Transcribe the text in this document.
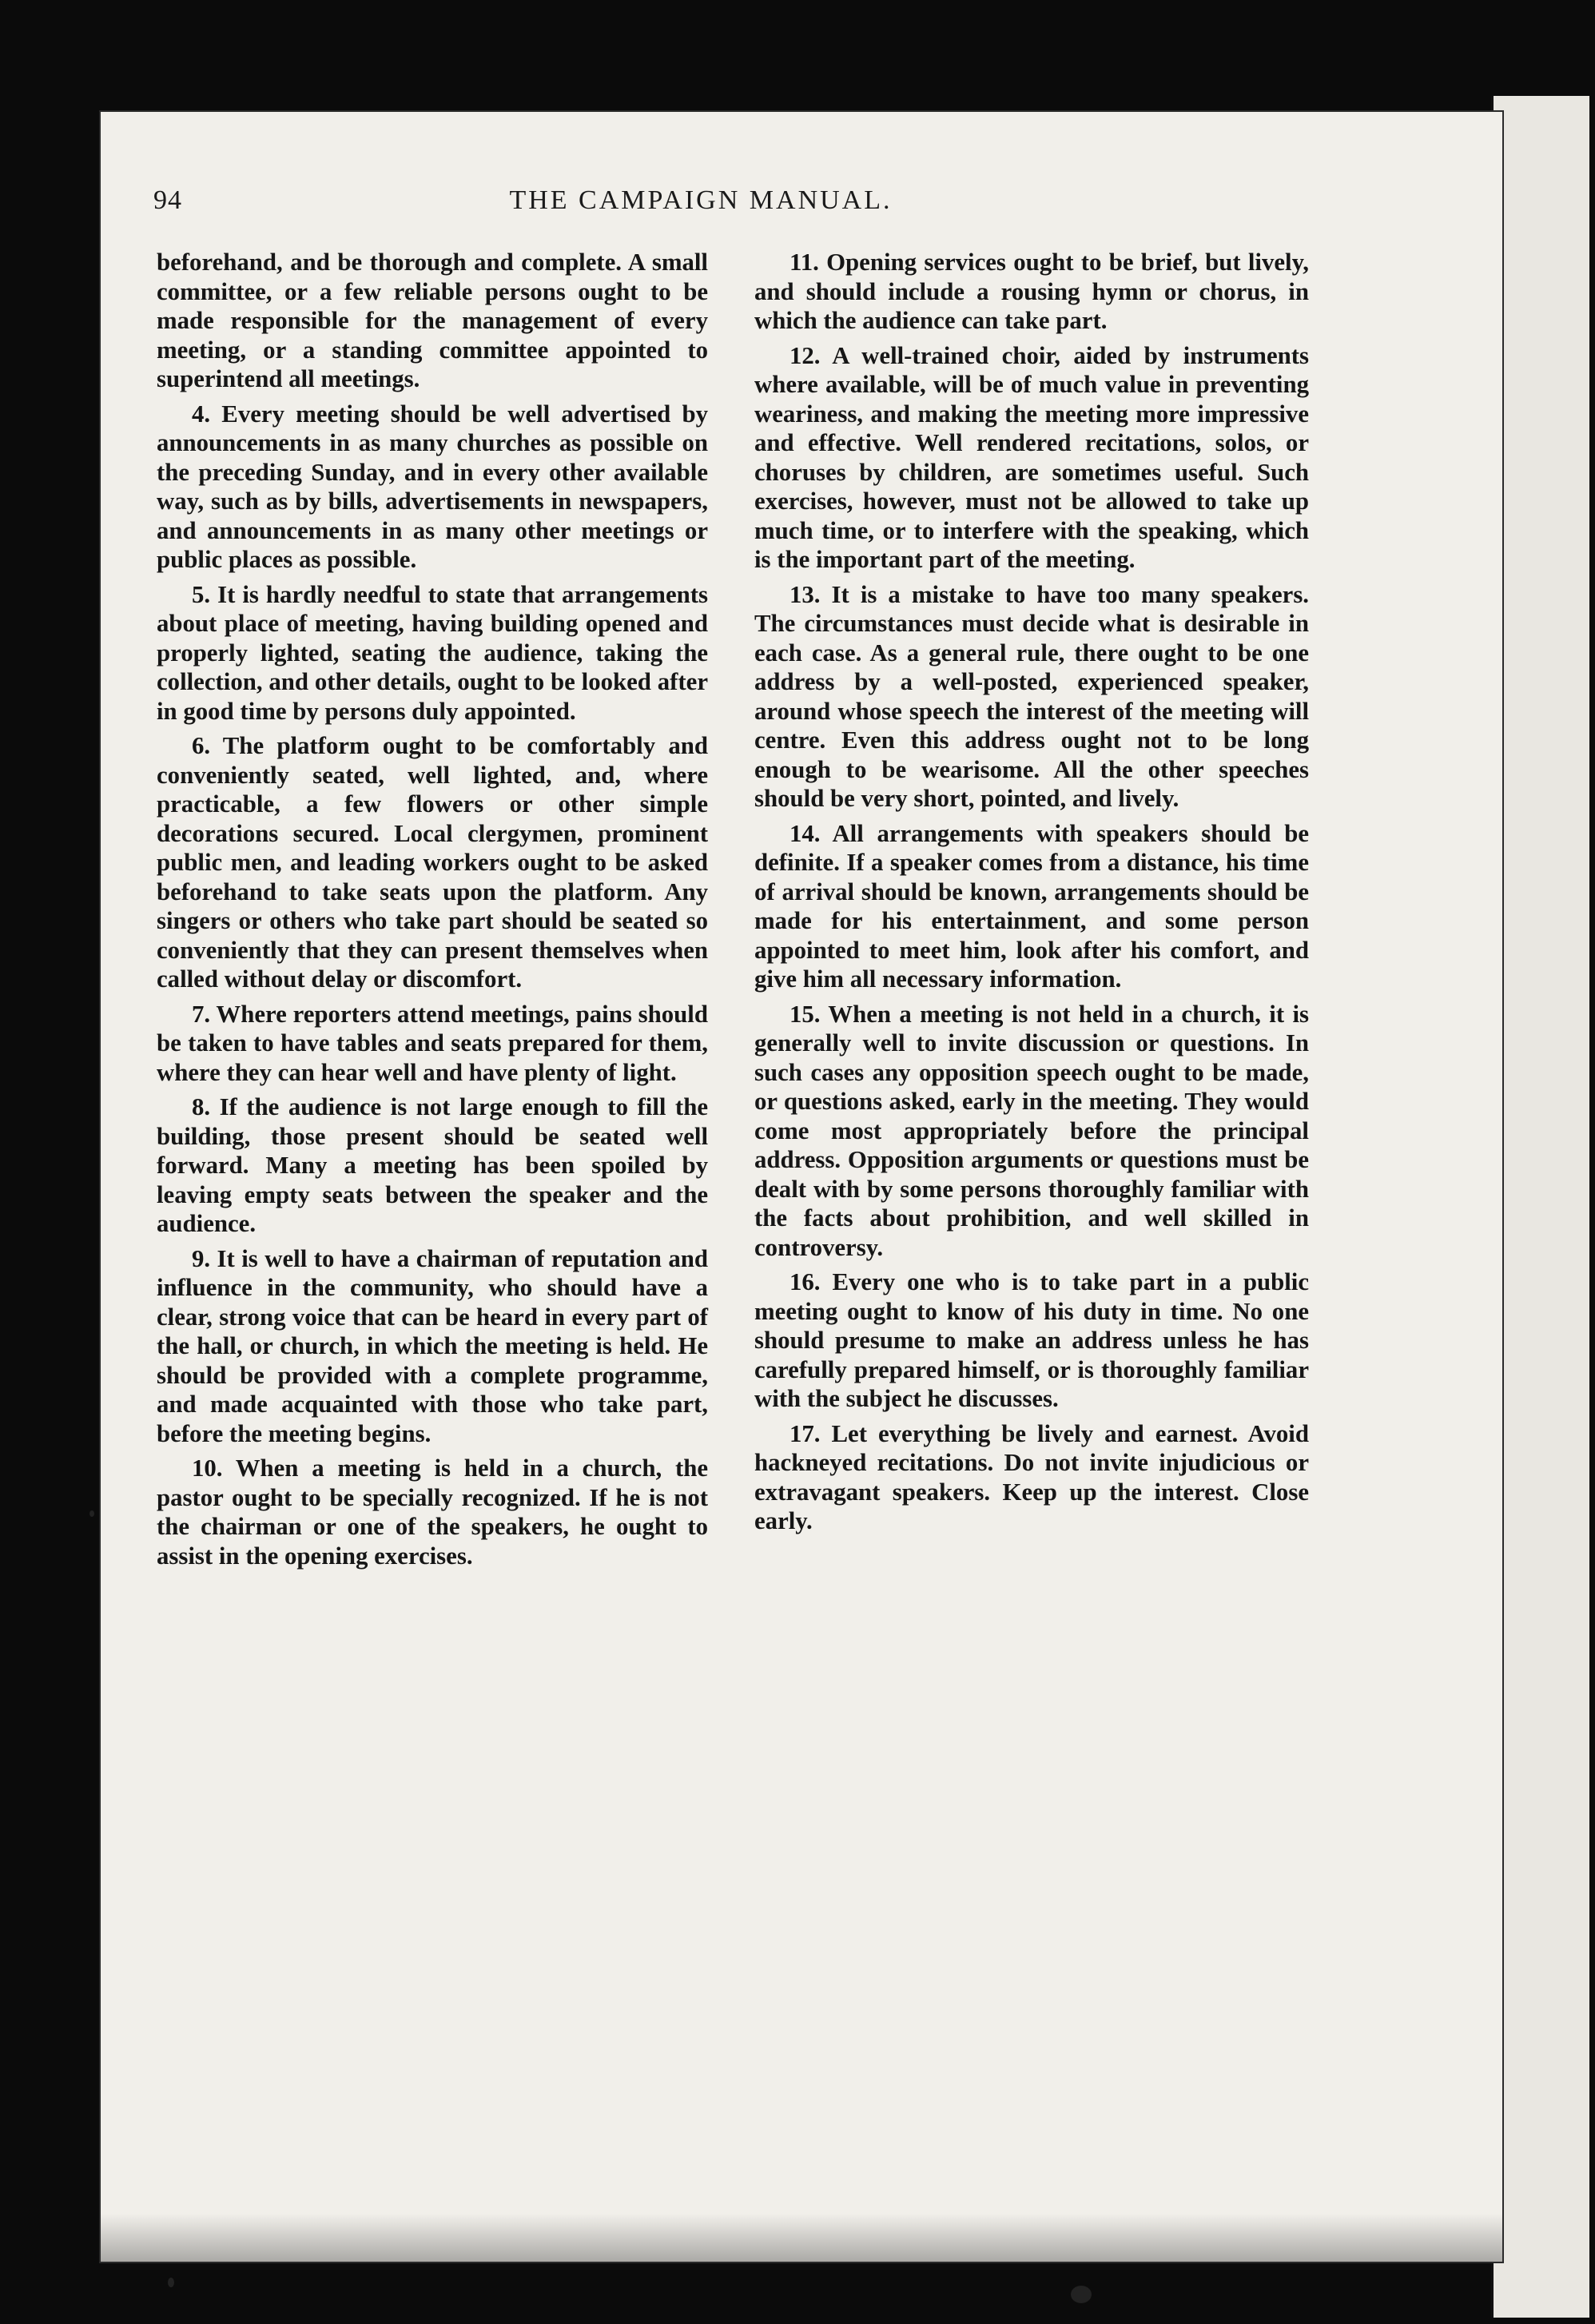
94	THE CAMPAIGN MANUAL.

beforehand, and be thorough and complete. A small committee, or a few reliable persons ought to be made responsible for the management of every meeting, or a standing committee appointed to superintend all meetings.

4. Every meeting should be well advertised by announcements in as many churches as possible on the preceding Sunday, and in every other available way, such as by bills, advertisements in newspapers, and announcements in as many other meetings or public places as possible.

5. It is hardly needful to state that arrangements about place of meeting, having building opened and properly lighted, seating the audience, taking the collection, and other details, ought to be looked after in good time by persons duly appointed.

6. The platform ought to be comfortably and conveniently seated, well lighted, and, where practicable, a few flowers or other simple decorations secured. Local clergymen, prominent public men, and leading workers ought to be asked beforehand to take seats upon the platform. Any singers or others who take part should be seated so conveniently that they can present themselves when called without delay or discomfort.

7. Where reporters attend meetings, pains should be taken to have tables and seats prepared for them, where they can hear well and have plenty of light.

8. If the audience is not large enough to fill the building, those present should be seated well forward. Many a meeting has been spoiled by leaving empty seats between the speaker and the audience.

9. It is well to have a chairman of reputation and influence in the community, who should have a clear, strong voice that can be heard in every part of the hall, or church, in which the meeting is held. He should be provided with a complete programme, and made acquainted with those who take part, before the meeting begins.

10. When a meeting is held in a church, the pastor ought to be specially recognized. If he is not the chairman or one of the speakers, he ought to assist in the opening exercises.

11. Opening services ought to be brief, but lively, and should include a rousing hymn or chorus, in which the audience can take part.

12. A well-trained choir, aided by instruments where available, will be of much value in preventing weariness, and making the meeting more impressive and effective. Well rendered recitations, solos, or choruses by children, are sometimes useful. Such exercises, however, must not be allowed to take up much time, or to interfere with the speaking, which is the important part of the meeting.

13. It is a mistake to have too many speakers. The circumstances must decide what is desirable in each case. As a general rule, there ought to be one address by a well-posted, experienced speaker, around whose speech the interest of the meeting will centre. Even this address ought not to be long enough to be wearisome. All the other speeches should be very short, pointed, and lively.

14. All arrangements with speakers should be definite. If a speaker comes from a distance, his time of arrival should be known, arrangements should be made for his entertainment, and some person appointed to meet him, look after his comfort, and give him all necessary information.

15. When a meeting is not held in a church, it is generally well to invite discussion or questions. In such cases any opposition speech ought to be made, or questions asked, early in the meeting. They would come most appropriately before the principal address. Opposition arguments or questions must be dealt with by some persons thoroughly familiar with the facts about prohibition, and well skilled in controversy.

16. Every one who is to take part in a public meeting ought to know of his duty in time. No one should presume to make an address unless he has carefully prepared himself, or is thoroughly familiar with the subject he discusses.

17. Let everything be lively and earnest. Avoid hackneyed recitations. Do not invite injudicious or extravagant speakers. Keep up the interest. Close early.
